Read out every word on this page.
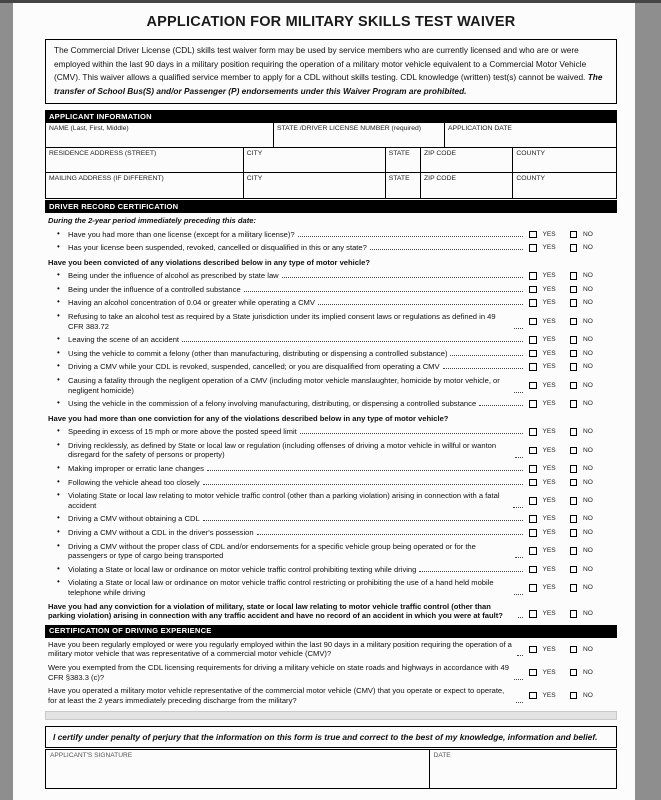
APPLICATION FOR MILITARY SKILLS TEST WAIVER
The Commercial Driver License (CDL) skills test waiver form may be used by service members who are currently licensed and who are or were employed within the last 90 days in a military position requiring the operation of a military motor vehicle equivalent to a Commercial Motor Vehicle (CMV). This waiver allows a qualified service member to apply for a CDL without skills testing. CDL knowledge (written) test(s) cannot be waived. The transfer of School Bus(S) and/or Passenger (P) endorsements under this Waiver Program are prohibited.
APPLICANT INFORMATION
NAME (Last, First, Middle)	STATE /DRIVER LICENSE NUMBER (required)	APPLICATION DATE
RESIDENCE ADDRESS (STREET)	CITY	STATE	ZIP CODE	COUNTY
MAILING ADDRESS (IF DIFFERENT)	CITY	STATE	ZIP CODE	COUNTY
DRIVER RECORD CERTIFICATION
During the 2-year period immediately preceding this date:
• Have you had more than one license (except for a military license)?	YES	NO
• Has your license been suspended, revoked, cancelled or disqualified in this or any state?	YES	NO
Have you been convicted of any violations described below in any type of motor vehicle?
• Being under the influence of alcohol as prescribed by state law	YES	NO
• Being under the influence of a controlled substance	YES	NO
• Having an alcohol concentration of 0.04 or greater while operating a CMV	YES	NO
• Refusing to take an alcohol test as required by a State jurisdiction under its implied consent laws or regulations as defined in 49 CFR 383.72
YES	NO
• Leaving the scene of an accident	YES	NO
• Using the vehicle to commit a felony (other than manufacturing, distributing or dispensing a controlled substance)	YES	NO
• Driving a CMV while your CDL is revoked, suspended, cancelled; or you are disqualified from operating a CMV	YES	NO
• Causing a fatality through the negligent operation of a CMV (including motor vehicle manslaughter, homicide by motor vehicle, or negligent homicide)
YES	NO
• Using the vehicle in the commission of a felony involving manufacturing, distributing, or dispensing a controlled substance	YES	NO
Have you had more than one conviction for any of the violations described below in any type of motor vehicle?
• Speeding in excess of 15 mph or more above the posted speed limit	YES	NO
• Driving recklessly, as defined by State or local law or regulation (including offenses of driving a motor vehicle in willful or wanton disregard for the safety of persons or property)
YES	NO
• Making improper or erratic lane changes	YES	NO
• Following the vehicle ahead too closely	YES	NO
• Violating State or local law relating to motor vehicle traffic control (other than a parking violation) arising in connection with a fatal accident
YES	NO
• Driving a CMV without obtaining a CDL	YES	NO
• Driving a CMV without a CDL in the driver's possession	YES	NO
• Driving a CMV without the proper class of CDL and/or endorsements for a specific vehicle group being operated or for the passengers or type of cargo being transported
YES	NO
• Violating a State or local law or ordinance on motor vehicle traffic control prohibiting texting while driving	YES	NO
• Violating a State or local law or ordinance on motor vehicle traffic control restricting or prohibiting the use of a hand held mobile telephone while driving
YES	NO
Have you had any conviction for a violation of military, state or local law relating to motor vehicle traffic control (other than parking violation) arising in connection with any traffic accident and have no record of an accident in which you were at fault?	YES	NO
CERTIFICATION OF DRIVING EXPERIENCE
Have you been regularly employed or were you regularly employed within the last 90 days in a military position requiring the operation of a military motor vehicle that was representative of a commercial motor vehicle (CMV)?
YES	NO
Were you exempted from the CDL licensing requirements for driving a military vehicle on state roads and highways in accordance with 49 CFR §383.3 (c)?
YES	NO
Have you operated a military motor vehicle representative of the commercial motor vehicle (CMV) that you operate or expect to operate, for at least the 2 years immediately preceding discharge from the military?
YES	NO
I certify under penalty of perjury that the information on this form is true and correct to the best of my knowledge, information and belief.
APPLICANT'S SIGNATURE	DATE
